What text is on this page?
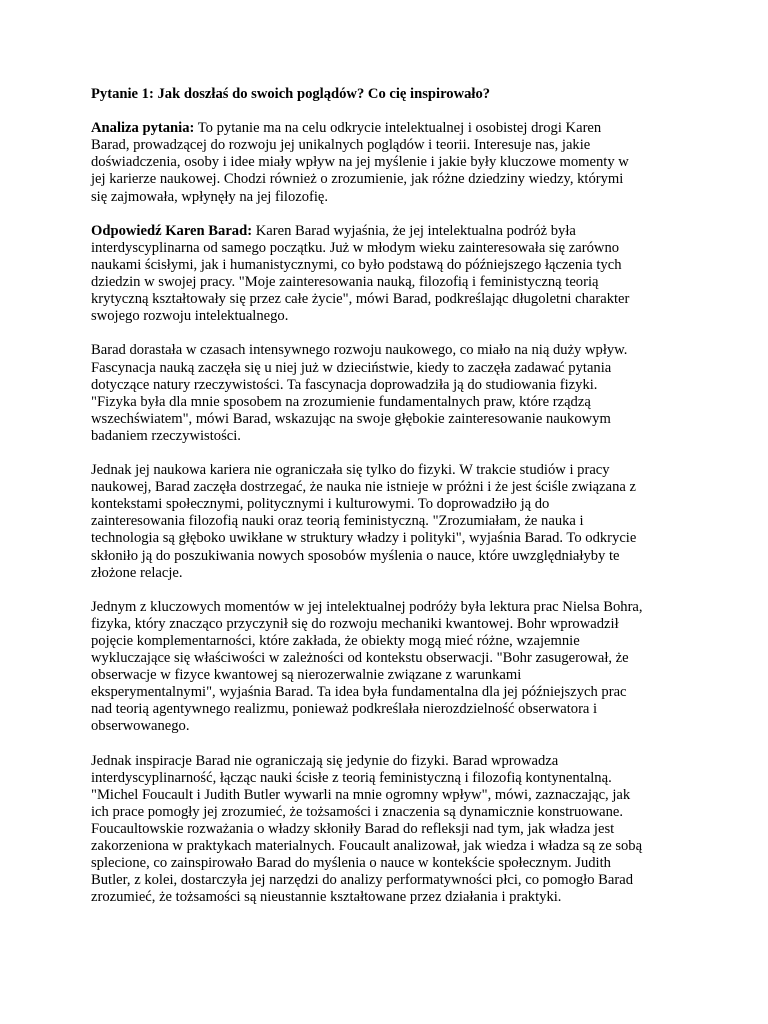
Pytanie 1: Jak doszłaś do swoich poglądów? Co cię inspirowało?

Analiza pytania: To pytanie ma na celu odkrycie intelektualnej i osobistej drogi Karen
Barad, prowadzącej do rozwoju jej unikalnych poglądów i teorii. Interesuje nas, jakie
doświadczenia, osoby i idee miały wpływ na jej myślenie i jakie były kluczowe momenty w
jej karierze naukowej. Chodzi również o zrozumienie, jak różne dziedziny wiedzy, którymi
się zajmowała, wpłynęły na jej filozofię.

Odpowiedź Karen Barad: Karen Barad wyjaśnia, że jej intelektualna podróż była
interdyscyplinarna od samego początku. Już w młodym wieku zainteresowała się zarówno
naukami ścisłymi, jak i humanistycznymi, co było podstawą do późniejszego łączenia tych
dziedzin w swojej pracy. "Moje zainteresowania nauką, filozofią i feministyczną teorią
krytyczną kształtowały się przez całe życie", mówi Barad, podkreślając długoletni charakter
swojego rozwoju intelektualnego.

Barad dorastała w czasach intensywnego rozwoju naukowego, co miało na nią duży wpływ.
Fascynacja nauką zaczęła się u niej już w dzieciństwie, kiedy to zaczęła zadawać pytania
dotyczące natury rzeczywistości. Ta fascynacja doprowadziła ją do studiowania fizyki.
"Fizyka była dla mnie sposobem na zrozumienie fundamentalnych praw, które rządzą
wszechświatem", mówi Barad, wskazując na swoje głębokie zainteresowanie naukowym
badaniem rzeczywistości.

Jednak jej naukowa kariera nie ograniczała się tylko do fizyki. W trakcie studiów i pracy
naukowej, Barad zaczęła dostrzegać, że nauka nie istnieje w próżni i że jest ściśle związana z
kontekstami społecznymi, politycznymi i kulturowymi. To doprowadziło ją do
zainteresowania filozofią nauki oraz teorią feministyczną. "Zrozumiałam, że nauka i
technologia są głęboko uwikłane w struktury władzy i polityki", wyjaśnia Barad. To odkrycie
skłoniło ją do poszukiwania nowych sposobów myślenia o nauce, które uwzględniałyby te
złożone relacje.

Jednym z kluczowych momentów w jej intelektualnej podróży była lektura prac Nielsa Bohra,
fizyka, który znacząco przyczynił się do rozwoju mechaniki kwantowej. Bohr wprowadził
pojęcie komplementarności, które zakłada, że obiekty mogą mieć różne, wzajemnie
wykluczające się właściwości w zależności od kontekstu obserwacji. "Bohr zasugerował, że
obserwacje w fizyce kwantowej są nierozerwalnie związane z warunkami
eksperymentalnymi", wyjaśnia Barad. Ta idea była fundamentalna dla jej późniejszych prac
nad teorią agentywnego realizmu, ponieważ podkreślała nierozdzielność obserwatora i
obserwowanego.

Jednak inspiracje Barad nie ograniczają się jedynie do fizyki. Barad wprowadza
interdyscyplinarność, łącząc nauki ścisłe z teorią feministyczną i filozofią kontynentalną.
"Michel Foucault i Judith Butler wywarli na mnie ogromny wpływ", mówi, zaznaczając, jak
ich prace pomogły jej zrozumieć, że tożsamości i znaczenia są dynamicznie konstruowane.
Foucaultowskie rozważania o władzy skłoniły Barad do refleksji nad tym, jak władza jest
zakorzeniona w praktykach materialnych. Foucault analizował, jak wiedza i władza są ze sobą
splecione, co zainspirowało Barad do myślenia o nauce w kontekście społecznym. Judith
Butler, z kolei, dostarczyła jej narzędzi do analizy performatywności płci, co pomogło Barad
zrozumieć, że tożsamości są nieustannie kształtowane przez działania i praktyki.
